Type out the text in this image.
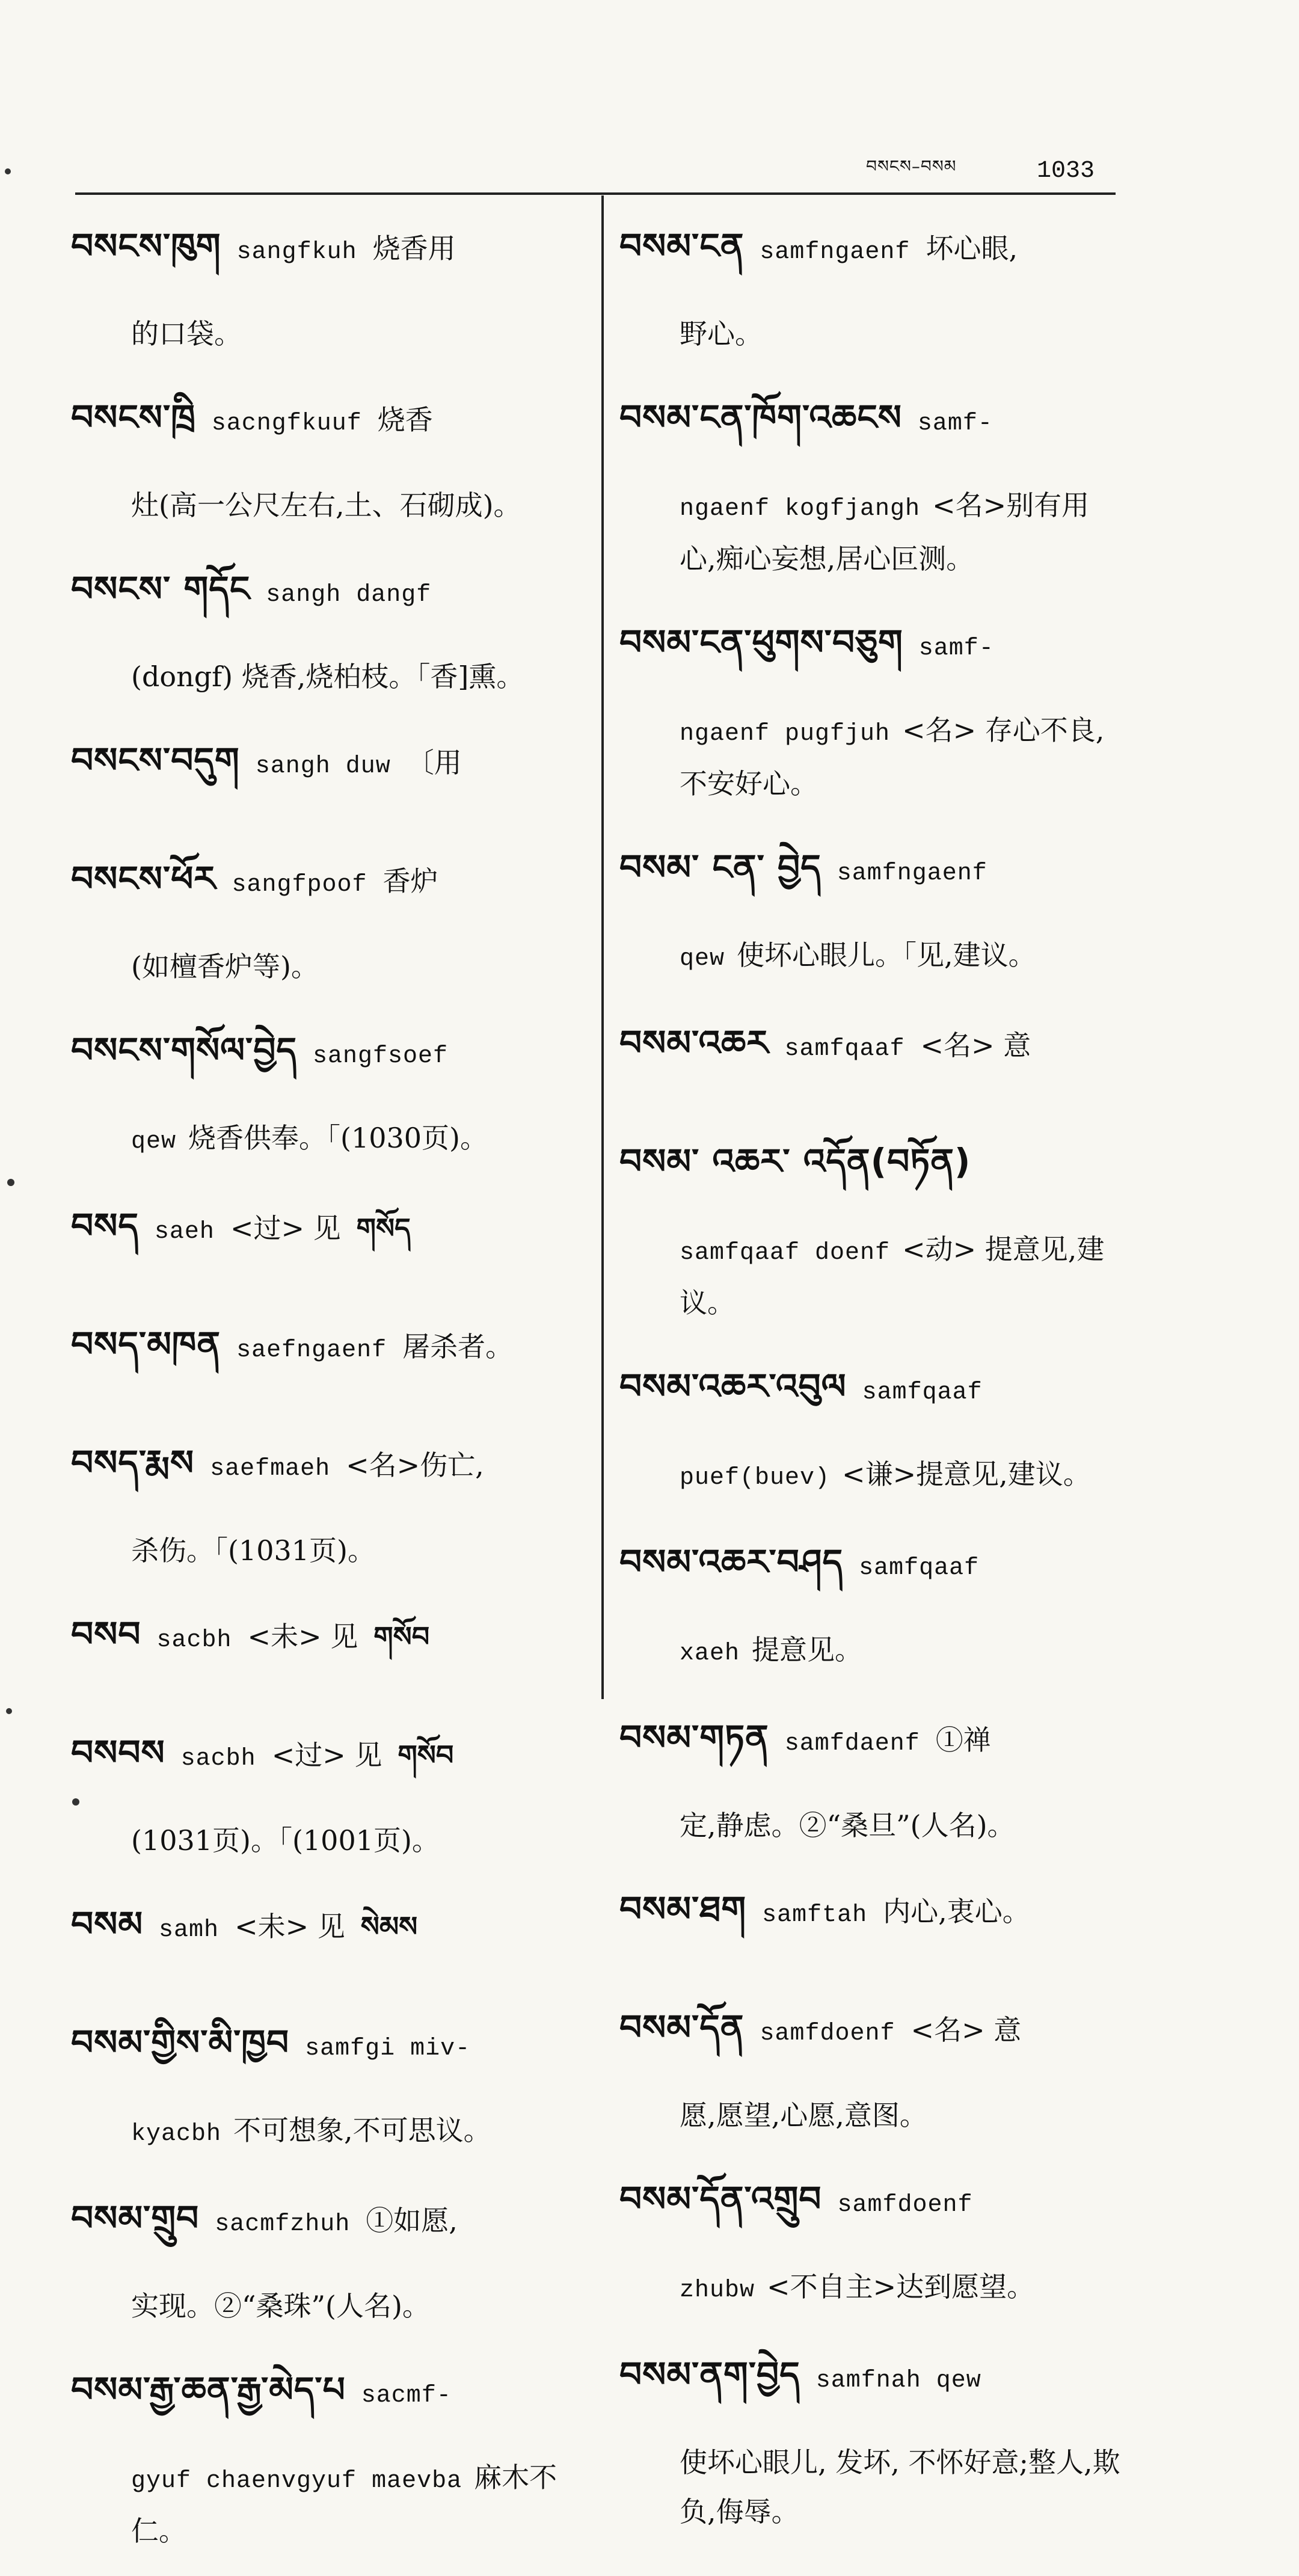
བསངས–བསམ	1033
བསངས་ཁུག sangfkuh 烧香用
的口袋。
བསངས་ཁྲི sacngfkuuf 烧香
灶(高一公尺左右,土、石砌成)。
བསངས་ གདོང sangh dangf
(dongf) 烧香,烧柏枝。「香]熏。
བསངས་བདུག sangh duw 〔用
བསངས་ཕོར sangfpoof 香炉
(如檀香炉等)。
བསངས་གསོལ་བྱེད sangfsoef
qew 烧香供奉。「(1030页)。
བསད saeh <过> 见 གསོད
བསད་མཁན saefngaenf 屠杀者。
བསད་རྨས saefmaeh <名>伤亡,
杀伤。「(1031页)。
བསབ sacbh <未> 见 གསོབ
བསབས sacbh <过> 见 གསོབ
(1031页)。「(1001页)。
བསམ samh <未> 见 སེམས
བསམ་གྱིས་མི་ཁྱབ samfgi miv-
kyacbh 不可想象,不可思议。
བསམ་གྲུབ sacmfzhuh ①如愿,
实现。②“桑珠”(人名)。
བསམ་རྒྱ་ཆན་རྒྱ་མེད་པ sacmf-
gyuf chaenvgyuf maevba 麻木不仁。
བསམ་ངན samfngaenf 坏心眼,
野心。
བསམ་ངན་ཁོག་འཆངས samf-
ngaenf kogfjangh <名>别有用心,痴心妄想,居心叵测。
བསམ་ངན་ཕུགས་བཅུག samf-
ngaenf pugfjuh <名> 存心不良,不安好心。
བསམ་ ངན་ བྱེད samfngaenf
qew 使坏心眼儿。「见,建议。
བསམ་འཆར samfqaaf <名> 意
བསམ་ འཆར་ འདོན(བཏོན)
samfqaaf doenf <动> 提意见,建议。
བསམ་འཆར་འབུལ samfqaaf
puef(buev) <谦>提意见,建议。
བསམ་འཆར་བཤད samfqaaf
xaeh 提意见。
བསམ་གཏན samfdaenf ①禅
定,静虑。②“桑旦”(人名)。
བསམ་ཐག samftah 内心,衷心。
བསམ་དོན samfdoenf <名> 意
愿,愿望,心愿,意图。
བསམ་དོན་འགྲུབ samfdoenf
zhubw <不自主>达到愿望。
བསམ་ནག་བྱེད samfnah qew
使坏心眼儿, 发坏, 不怀好意;整人,欺负,侮辱。
